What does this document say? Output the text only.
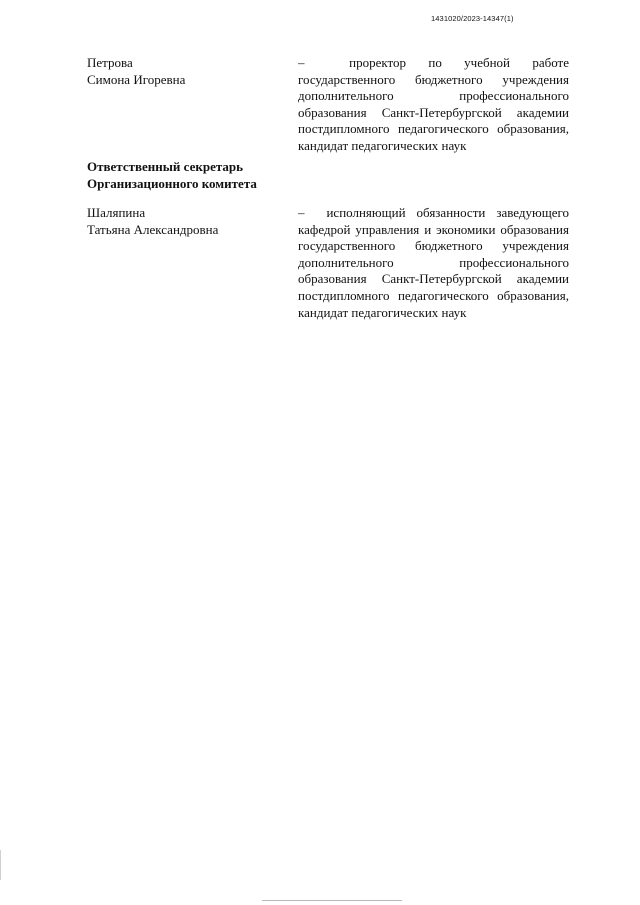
1431020/2023-14347(1)
Петрова
Симона Игоревна
–	проректор по учебной работе государственного бюджетного учреждения дополнительного профессионального образования Санкт-Петербургской академии постдипломного педагогического образования, кандидат педагогических наук
Ответственный секретарь
Организационного комитета
Шаляпина
Татьяна Александровна
– исполняющий обязанности заведующего кафедрой управления и экономики образования государственного бюджетного учреждения дополнительного профессионального образования Санкт-Петербургской академии постдипломного педагогического образования, кандидат педагогических наук
